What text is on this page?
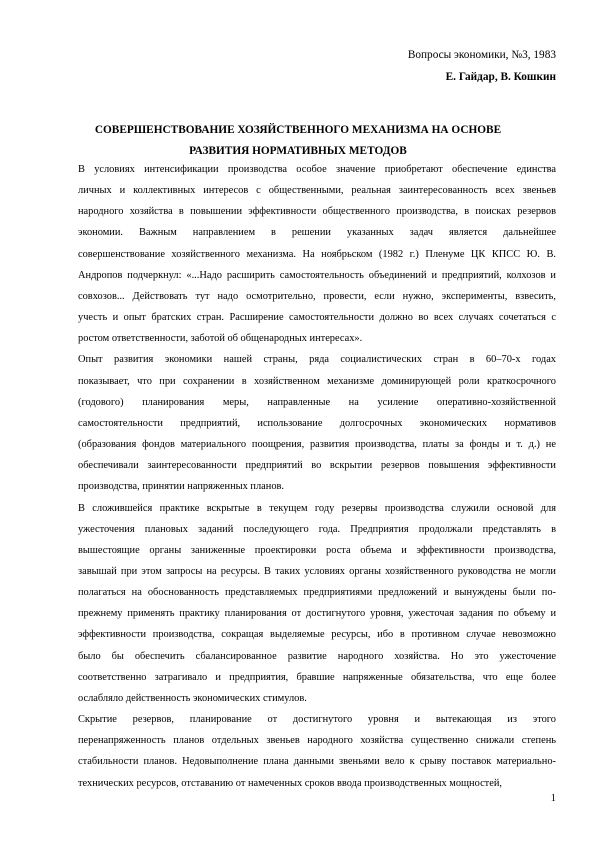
Вопросы экономики, №3, 1983
Е. Гайдар, В. Кошкин
СОВЕРШЕНСТВОВАНИЕ ХОЗЯЙСТВЕННОГО МЕХАНИЗМА НА ОСНОВЕ
РАЗВИТИЯ НОРМАТИВНЫХ МЕТОДОВ

В условиях интенсификации производства особое значение приобретают обеспечение единства
личных и коллективных интересов с общественными, реальная заинтересованность всех звеньев
народного хозяйства в повышении эффективности общественного производства, в поисках резервов
экономии. Важным направлением в решении указанных задач является дальнейшее
совершенствование хозяйственного механизма. На ноябрьском (1982 г.) Пленуме ЦК КПСС Ю. В.
Андропов подчеркнул: «...Надо расширить самостоятельность объединений и предприятий, колхозов и
совхозов... Действовать тут надо осмотрительно, провести, если нужно, эксперименты, взвесить,
учесть и опыт братских стран. Расширение самостоятельности должно во всех случаях сочетаться с
ростом ответственности, заботой об общенародных интересах».

Опыт развития экономики нашей страны, ряда социалистических стран в 60–70-х годах
показывает, что при сохранении в хозяйственном механизме доминирующей роли краткосрочного
(годового) планирования меры, направленные на усиление оперативно-хозяйственной
самостоятельности предприятий, использование долгосрочных экономических нормативов
(образования фондов материального поощрения, развития производства, платы за фонды и т. д.) не
обеспечивали заинтересованности предприятий во вскрытии резервов повышения эффективности
производства, принятии напряженных планов.

В сложившейся практике вскрытые в текущем году резервы производства служили основой для
ужесточения плановых заданий последующего года. Предприятия продолжали представлять в
вышестоящие органы заниженные проектировки роста объема и эффективности производства,
завышай при этом запросы на ресурсы. В таких условиях органы хозяйственного руководства не могли
полагаться на обоснованность представляемых предприятиями предложений и вынуждены были по-
прежнему применять практику планирования от достигнутого уровня, ужесточая задания по объему и
эффективности производства, сокращая выделяемые ресурсы, ибо в противном случае невозможно
было бы обеспечить сбалансированное развитие народного хозяйства. Но это ужесточение
соответственно затрагивало и предприятия, бравшие напряженные обязательства, что еще более
ослабляло действенность экономических стимулов.

Скрытие резервов, планирование от достигнутого уровня и вытекающая из этого
перенапряженность планов отдельных звеньев народного хозяйства существенно снижали степень
стабильности планов. Недовыполнение плана данными звеньями вело к срыву поставок материально-
технических ресурсов, отставанию от намеченных сроков ввода производственных мощностей,

1
